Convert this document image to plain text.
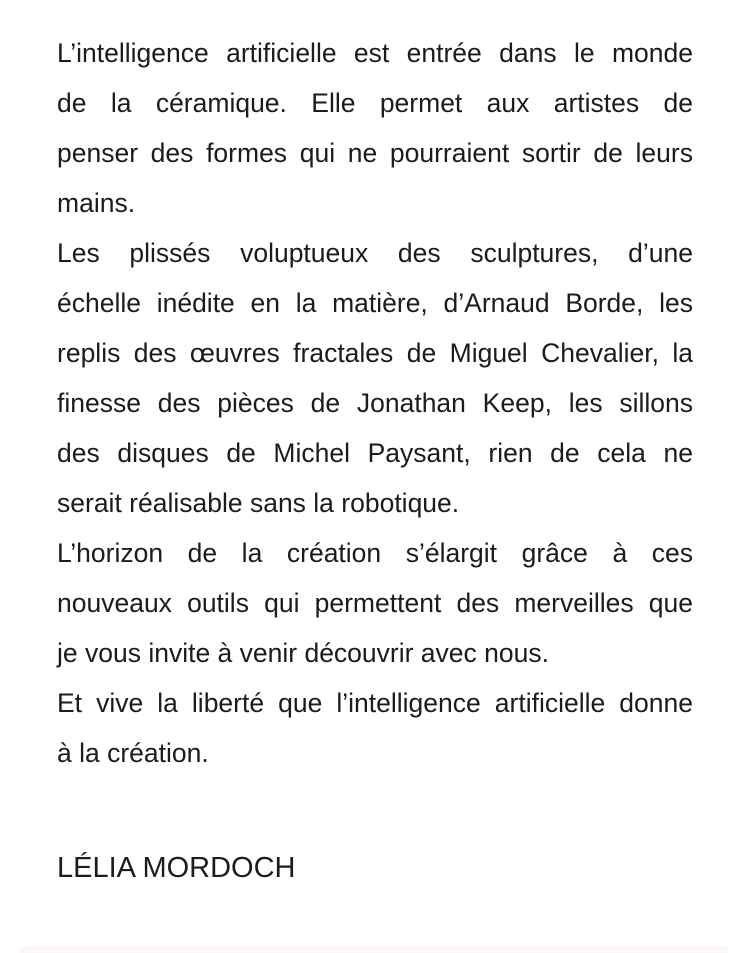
L’intelligence artificielle est entrée dans le monde
de la céramique. Elle permet aux artistes de
penser des formes qui ne pourraient sortir de leurs
mains.
Les plissés voluptueux des sculptures, d’une
échelle inédite en la matière, d’Arnaud Borde, les
replis des œuvres fractales de Miguel Chevalier, la
finesse des pièces de Jonathan Keep, les sillons
des disques de Michel Paysant, rien de cela ne
serait réalisable sans la robotique.
L’horizon de la création s’élargit grâce à ces
nouveaux outils qui permettent des merveilles que
je vous invite à venir découvrir avec nous.
Et vive la liberté que l’intelligence artificielle donne
à la création.
LÉLIA MORDOCH
